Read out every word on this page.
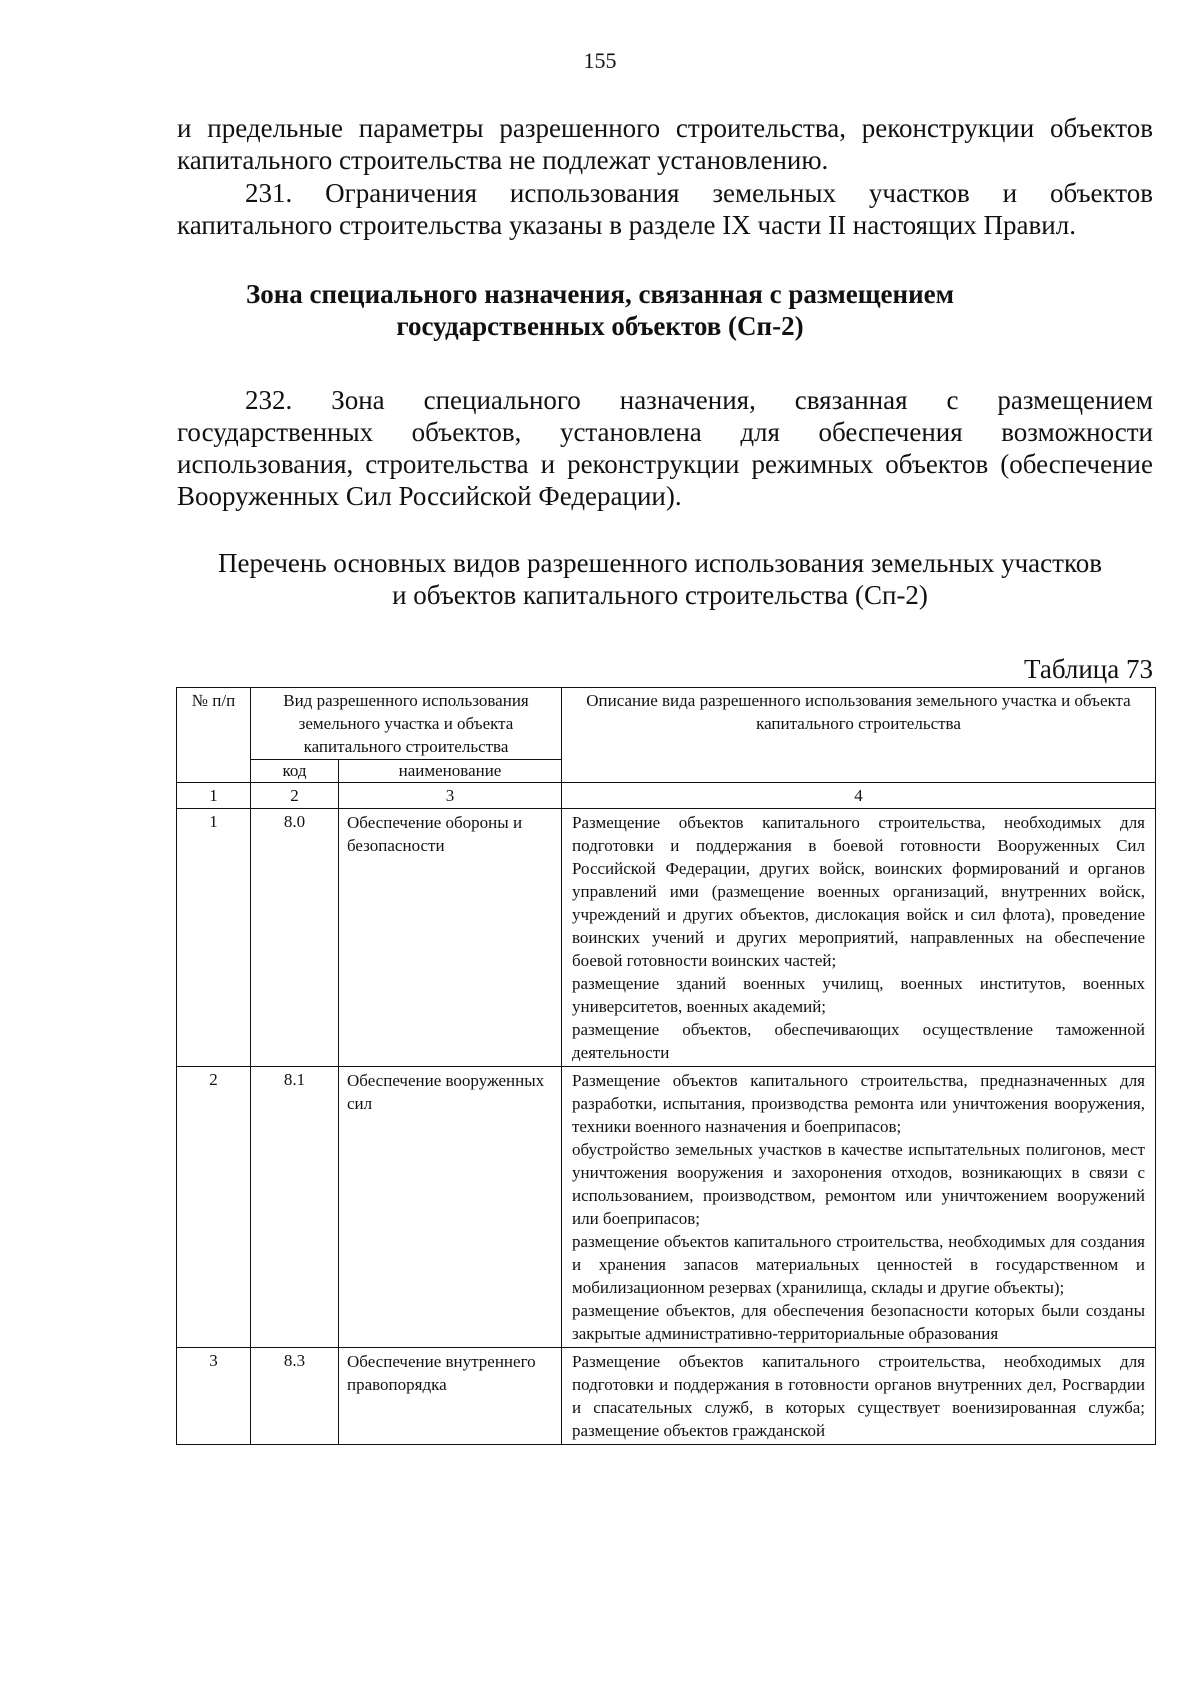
155

и предельные параметры разрешенного строительства, реконструкции объектов капитального строительства не подлежат установлению.

231. Ограничения использования земельных участков и объектов капитального строительства указаны в разделе IX части II настоящих Правил.

Зона специального назначения, связанная с размещением
государственных объектов (Сп-2)

232. Зона специального назначения, связанная с размещением государственных объектов, установлена для обеспечения возможности использования, строительства и реконструкции режимных объектов (обеспечение Вооруженных Сил Российской Федерации).

Перечень основных видов разрешенного использования земельных участков
и объектов капитального строительства (Сп-2)
Таблица 73
№ п/п	Вид разрешенного использования земельного участка и объекта капитального строительства		Описание вида разрешенного использования земельного участка и объекта капитального строительства
	код	наименование	
1	2	3	4
1	8.0	Обеспечение обороны и безопасности	Размещение объектов капитального строительства, необходимых для подготовки и поддержания в боевой готовности Вооруженных Сил Российской Федерации, других войск, воинских формирований и органов управлений ими (размещение военных организаций, внутренних войск, учреждений и других объектов, дислокация войск и сил флота), проведение воинских учений и других мероприятий, направленных на обеспечение боевой готовности воинских частей;
размещение зданий военных училищ, военных институтов, военных университетов, военных академий;
размещение объектов, обеспечивающих осуществление таможенной деятельности

2	8.1	Обеспечение вооруженных сил	Размещение объектов капитального строительства, предназначенных для разработки, испытания, производства ремонта или уничтожения вооружения, техники военного назначения и боеприпасов;
обустройство земельных участков в качестве испытательных полигонов, мест уничтожения вооружения и захоронения отходов, возникающих в связи с использованием, производством, ремонтом или уничтожением вооружений или боеприпасов;
размещение объектов капитального строительства, необходимых для создания и хранения запасов материальных ценностей в государственном и мобилизационном резервах (хранилища, склады и другие объекты);
размещение объектов, для обеспечения безопасности которых были созданы закрытые административно-территориальные образования

3	8.3	Обеспечение внутреннего правопорядка	Размещение объектов капитального строительства, необходимых для подготовки и поддержания в готовности органов внутренних дел, Росгвардии и спасательных служб, в которых существует военизированная служба; размещение объектов гражданской
